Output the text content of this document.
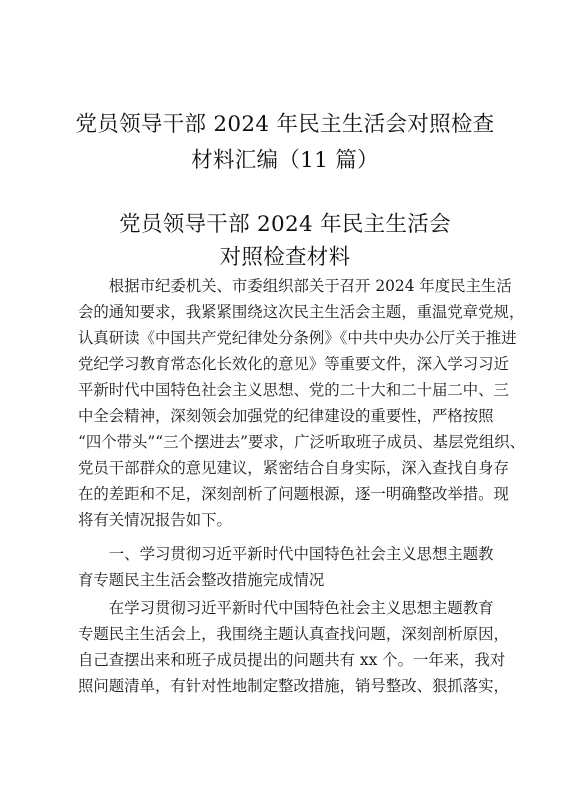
党员领导干部 2024 年民主生活会对照检查
材料汇编（11 篇）
党员领导干部 2024 年民主生活会
对照检查材料
　　根据市纪委机关、市委组织部关于召开 2024 年度民主生活
会的通知要求，我紧紧围绕这次民主生活会主题，重温党章党规，
认真研读《中国共产党纪律处分条例》《中共中央办公厅关于推进
党纪学习教育常态化长效化的意见》等重要文件，深入学习习近
平新时代中国特色社会主义思想、党的二十大和二十届二中、三
中全会精神，深刻领会加强党的纪律建设的重要性，严格按照
“四个带头”“三个摆进去”要求，广泛听取班子成员、基层党组织、
党员干部群众的意见建议，紧密结合自身实际，深入查找自身存
在的差距和不足，深刻剖析了问题根源，逐一明确整改举措。现
将有关情况报告如下。
　　一、学习贯彻习近平新时代中国特色社会主义思想主题教
育专题民主生活会整改措施完成情况
　　在学习贯彻习近平新时代中国特色社会主义思想主题教育
专题民主生活会上，我围绕主题认真查找问题，深刻剖析原因，
自己查摆出来和班子成员提出的问题共有 xx 个。一年来，我对
照问题清单，有针对性地制定整改措施，销号整改、狠抓落实，
